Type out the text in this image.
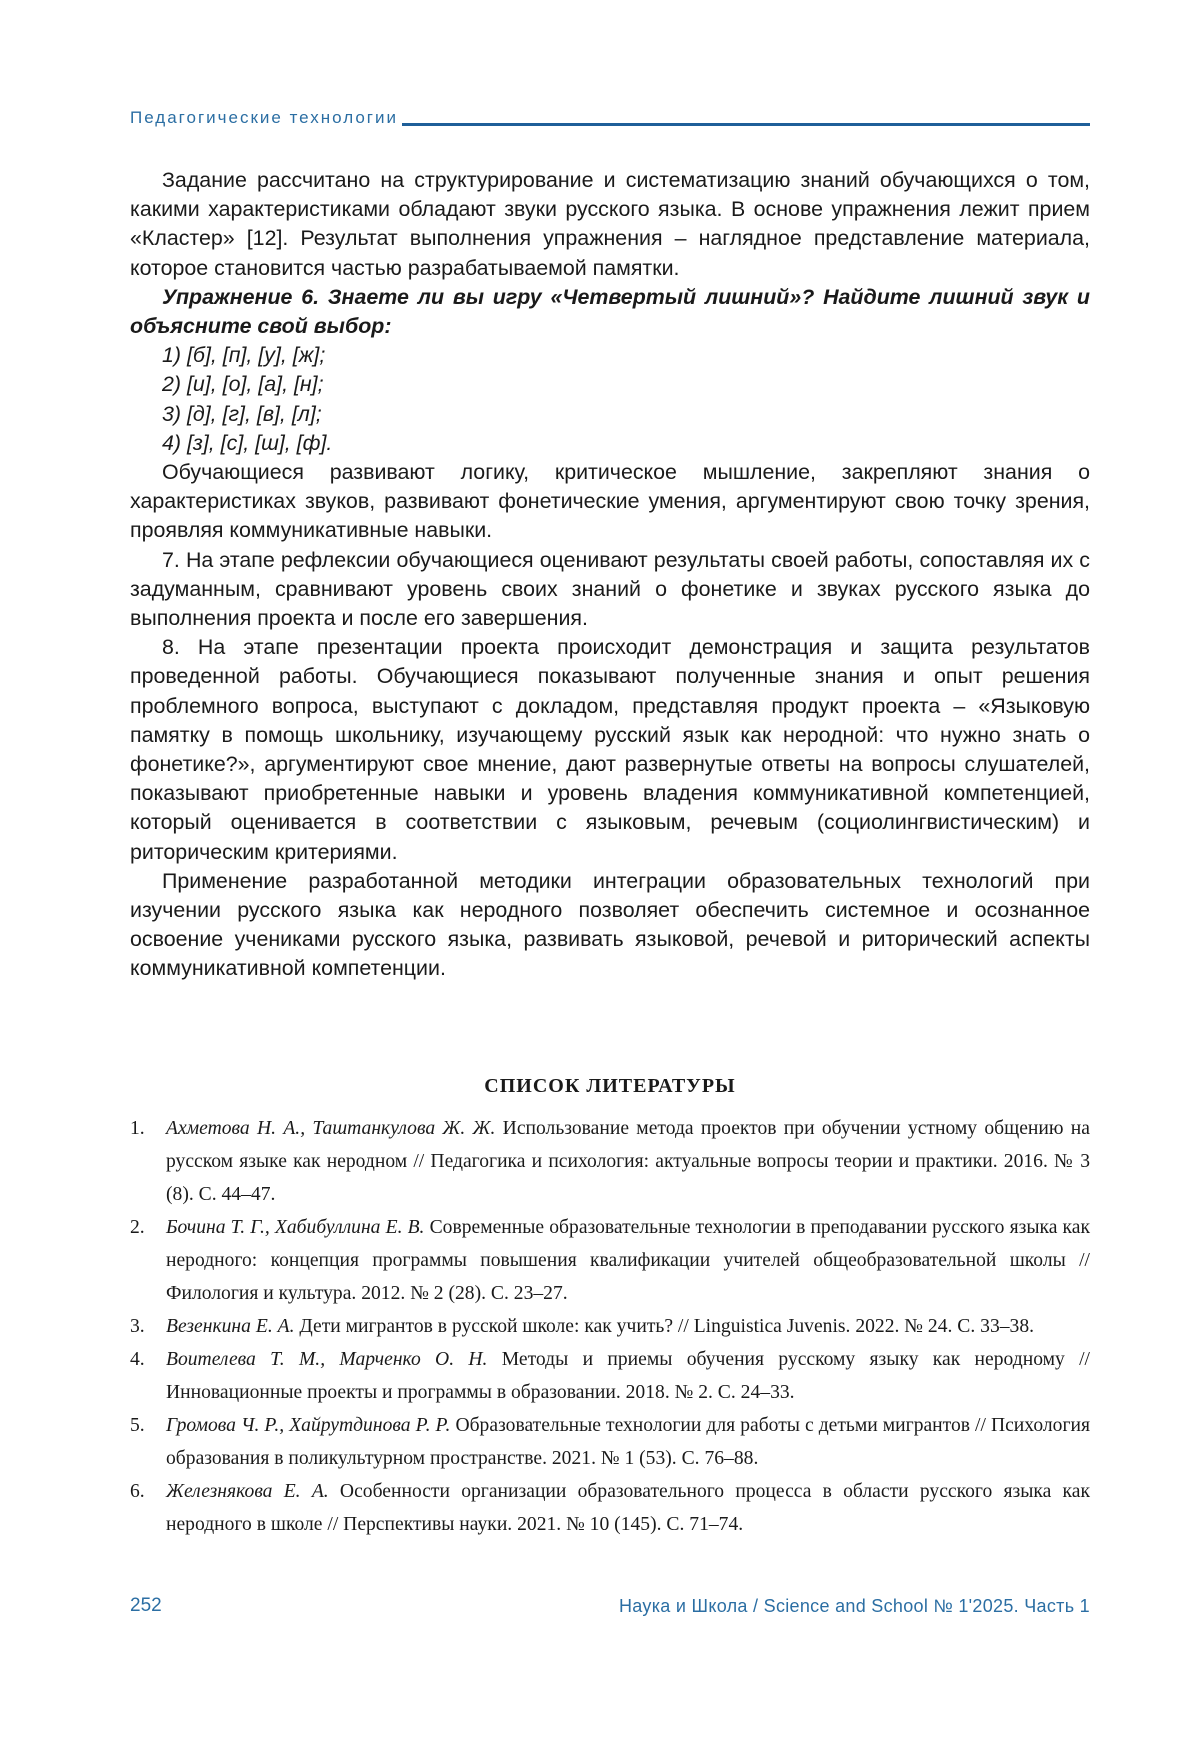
Педагогические технологии

Задание рассчитано на структурирование и систематизацию знаний обучающихся о том, какими характеристиками обладают звуки русского языка. В основе упражнения лежит прием «Кластер» [12]. Результат выполнения упражнения – наглядное представление материала, которое становится частью разрабатываемой памятки.

Упражнение 6. Знаете ли вы игру «Четвертый лишний»? Найдите лишний звук и объясните свой выбор:

1) [б], [п], [у], [ж];

2) [и], [о], [а], [н];

3) [д], [г], [в], [л];

4) [з], [с], [ш], [ф].

Обучающиеся развивают логику, критическое мышление, закрепляют знания о характеристиках звуков, развивают фонетические умения, аргументируют свою точку зрения, проявляя коммуникативные навыки.

7. На этапе рефлексии обучающиеся оценивают результаты своей работы, сопоставляя их с задуманным, сравнивают уровень своих знаний о фонетике и звуках русского языка до выполнения проекта и после его завершения.

8. На этапе презентации проекта происходит демонстрация и защита результатов проведенной работы. Обучающиеся показывают полученные знания и опыт решения проблемного вопроса, выступают с докладом, представляя продукт проекта – «Языковую памятку в помощь школьнику, изучающему русский язык как неродной: что нужно знать о фонетике?», аргументируют свое мнение, дают развернутые ответы на вопросы слушателей, показывают приобретенные навыки и уровень владения коммуникативной компетенцией, который оценивается в соответствии с языковым, речевым (социолингвистическим) и риторическим критериями.

Применение разработанной методики интеграции образовательных технологий при изучении русского языка как неродного позволяет обеспечить системное и осознанное освоение учениками русского языка, развивать языковой, речевой и риторический аспекты коммуникативной компетенции.

СПИСОК ЛИТЕРАТУРЫ
1.	Ахметова Н. А., Таштанкулова Ж. Ж. Использование метода проектов при обучении устному общению на русском языке как неродном // Педагогика и психология: актуальные вопросы теории и практики. 2016. № 3 (8). С. 44–47.
2.	Бочина Т. Г., Хабибуллина Е. В. Современные образовательные технологии в преподавании русского языка как неродного: концепция программы повышения квалификации учителей общеобразовательной школы // Филология и культура. 2012. № 2 (28). С. 23–27.
3.	Везенкина Е. А. Дети мигрантов в русской школе: как учить? // Linguistica Juvenis. 2022. № 24. С. 33–38.
4.	Воителева Т. М., Марченко О. Н. Методы и приемы обучения русскому языку как неродному // Инновационные проекты и программы в образовании. 2018. № 2. С. 24–33.
5.	Громова Ч. Р., Хайрутдинова Р. Р. Образовательные технологии для работы с детьми мигрантов // Психология образования в поликультурном пространстве. 2021. № 1 (53). С. 76–88.
6.	Железнякова Е. А. Особенности организации образовательного процесса в области русского языка как неродного в школе // Перспективы науки. 2021. № 10 (145). С. 71–74.
252	Наука и Школа / Science and School № 1'2025. Часть 1
